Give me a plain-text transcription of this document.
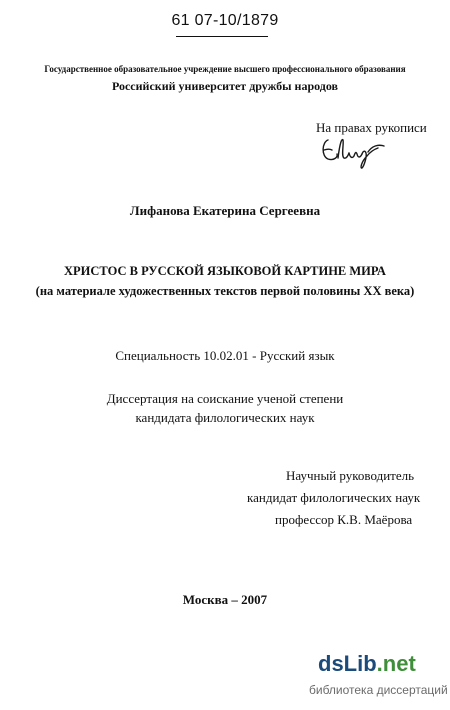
61 07-10/1879
Государственное образовательное учреждение высшего профессионального образования
Российский университет дружбы народов
На правах рукописи
Лифанова Екатерина Сергеевна
ХРИСТОС В РУССКОЙ ЯЗЫКОВОЙ КАРТИНЕ МИРА
(на материале художественных текстов первой половины ХХ века)
Специальность 10.02.01 - Русский язык
Диссертация на соискание ученой степени
кандидата филологических наук
Научный руководитель
кандидат филологических наук
профессор К.В. Маёрова
Москва – 2007
dsLib.net
библиотека диссертаций
